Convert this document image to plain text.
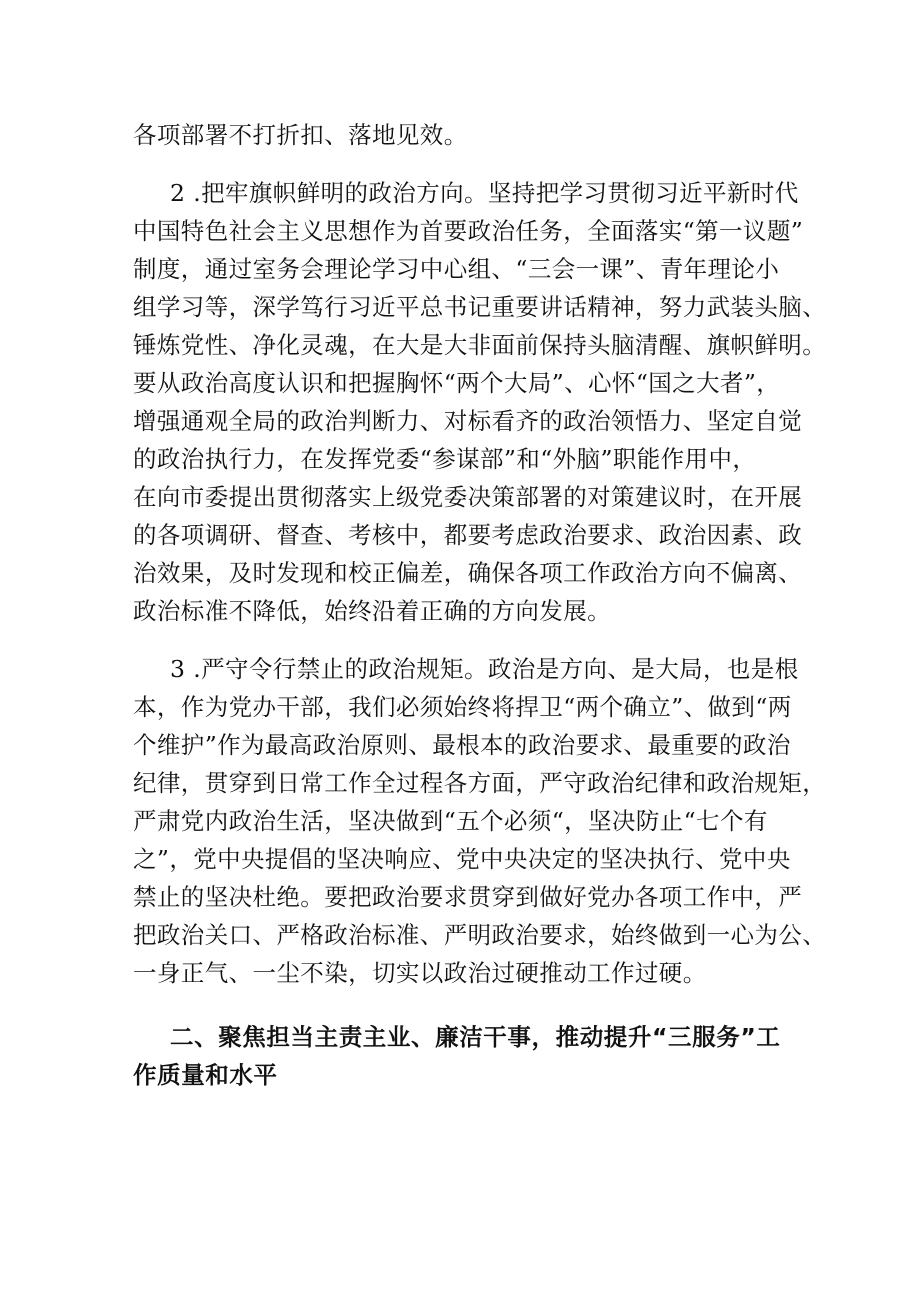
各项部署不打折扣、落地见效。
2 .把牢旗帜鲜明的政治方向。坚持把学习贯彻习近平新时代
中国特色社会主义思想作为首要政治任务，全面落实“第一议题”
制度，通过室务会理论学习中心组、“三会一课”、青年理论小
组学习等，深学笃行习近平总书记重要讲话精神，努力武装头脑、
锤炼党性、净化灵魂，在大是大非面前保持头脑清醒、旗帜鲜明。
要从政治高度认识和把握胸怀“两个大局”、心怀“国之大者”，
增强通观全局的政治判断力、对标看齐的政治领悟力、坚定自觉
的政治执行力，在发挥党委“参谋部”和“外脑”职能作用中，
在向市委提出贯彻落实上级党委决策部署的对策建议时，在开展
的各项调研、督查、考核中，都要考虑政治要求、政治因素、政
治效果，及时发现和校正偏差，确保各项工作政治方向不偏离、
政治标准不降低，始终沿着正确的方向发展。
3 .严守令行禁止的政治规矩。政治是方向、是大局，也是根
本，作为党办干部，我们必须始终将捍卫“两个确立”、做到“两
个维护”作为最高政治原则、最根本的政治要求、最重要的政治
纪律，贯穿到日常工作全过程各方面，严守政治纪律和政治规矩，
严肃党内政治生活，坚决做到“五个必须“，坚决防止“七个有
之”，党中央提倡的坚决响应、党中央决定的坚决执行、党中央
禁止的坚决杜绝。要把政治要求贯穿到做好党办各项工作中，严
把政治关口、严格政治标准、严明政治要求，始终做到一心为公、
一身正气、一尘不染，切实以政治过硬推动工作过硬。
二、聚焦担当主责主业、廉洁干事，推动提升“三服务”工
作质量和水平
